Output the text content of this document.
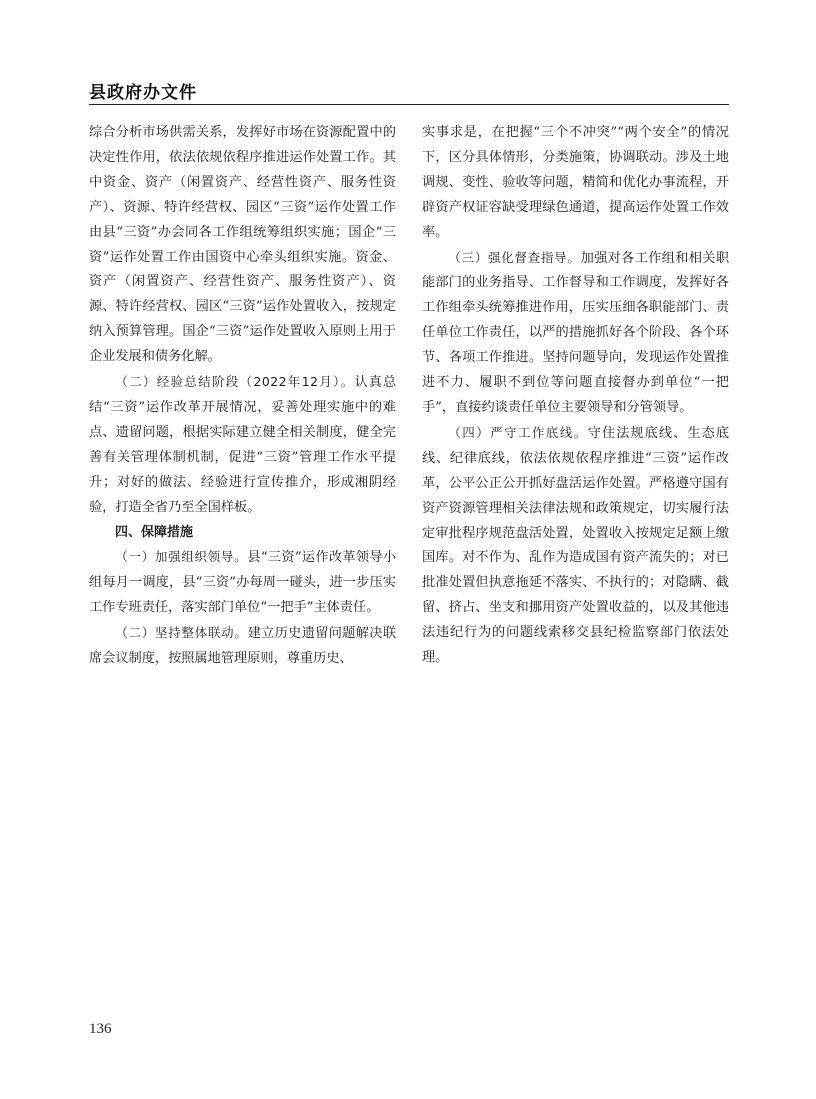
县政府办文件

综合分析市场供需关系，发挥好市场在资源配置中的决定性作用，依法依规依程序推进运作处置工作。其中资金、资产（闲置资产、经营性资产、服务性资产）、资源、特许经营权、园区“三资”运作处置工作由县“三资”办会同各工作组统筹组织实施；国企“三资”运作处置工作由国资中心牵头组织实施。资金、资产（闲置资产、经营性资产、服务性资产）、资源、特许经营权、园区“三资”运作处置收入，按规定纳入预算管理。国企“三资”运作处置收入原则上用于企业发展和债务化解。

（二）经验总结阶段（2022年12月）。认真总结“三资”运作改革开展情况，妥善处理实施中的难点、遗留问题，根据实际建立健全相关制度，健全完善有关管理体制机制，促进“三资”管理工作水平提升；对好的做法、经验进行宣传推介，形成湘阴经验，打造全省乃至全国样板。

四、保障措施

（一）加强组织领导。县“三资”运作改革领导小组每月一调度，县“三资”办每周一碰头，进一步压实工作专班责任，落实部门单位“一把手”主体责任。

（二）坚持整体联动。建立历史遗留问题解决联席会议制度，按照属地管理原则，尊重历史、

实事求是，在把握“三个不冲突”“两个安全”的情况下，区分具体情形，分类施策，协调联动。涉及土地调规、变性、验收等问题，精简和优化办事流程，开辟资产权证容缺受理绿色通道，提高运作处置工作效率。

（三）强化督查指导。加强对各工作组和相关职能部门的业务指导、工作督导和工作调度，发挥好各工作组牵头统筹推进作用，压实压细各职能部门、责任单位工作责任，以严的措施抓好各个阶段、各个环节、各项工作推进。坚持问题导向，发现运作处置推进不力、履职不到位等问题直接督办到单位“一把手”，直接约谈责任单位主要领导和分管领导。

（四）严守工作底线。守住法规底线、生态底线、纪律底线，依法依规依程序推进“三资”运作改革，公平公正公开抓好盘活运作处置。严格遵守国有资产资源管理相关法律法规和政策规定，切实履行法定审批程序规范盘活处置，处置收入按规定足额上缴国库。对不作为、乱作为造成国有资产流失的；对已批准处置但执意拖延不落实、不执行的；对隐瞒、截留、挤占、坐支和挪用资产处置收益的，以及其他违法违纪行为的问题线索移交县纪检监察部门依法处理。

136
